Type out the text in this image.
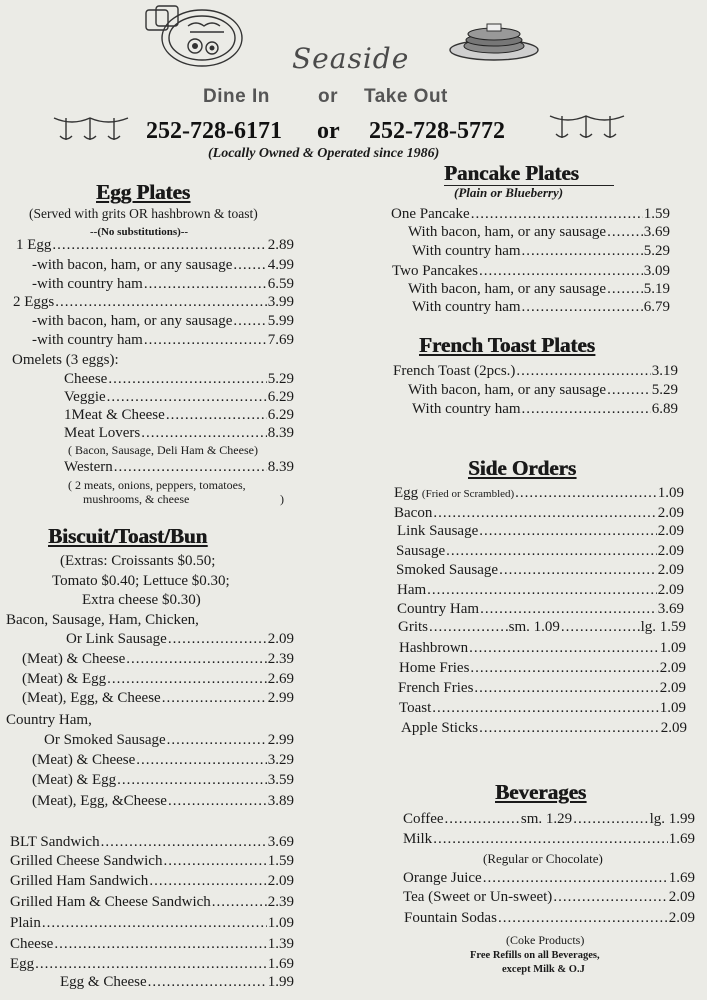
Seaside
Dine In	or Take Out
252-728-6171 or 252-728-5772
(Locally Owned & Operated since 1986)
Egg Plates
(Served with grits OR hashbrown & toast)
--(No substitutions)--
1 Egg .....	2.89
-with bacon, ham, or any sausage ..... 4.99
-with country ham .....	6.59
2 Eggs .....	3.99
-with bacon, ham, or any sausage ..... 5.99
-with country ham .....	7.69
Omelets (3 eggs):
Cheese .....	5.29
Veggie .....	6.29
1Meat & Cheese .....	6.29
Meat Lovers .....	8.39
( Bacon, Sausage, Deli Ham & Cheese)
Western .....	8.39
( 2 meats, onions, peppers, tomatoes,
mushrooms, & cheese	)
Biscuit/Toast/Bun
(Extras: Croissants $0.50;
Tomato $0.40; Lettuce $0.30;
Extra cheese $0.30)
Bacon, Sausage, Ham, Chicken,
Or Link Sausage .....	2.09
(Meat) & Cheese .....	2.39
(Meat) & Egg .....	2.69
(Meat), Egg, & Cheese .....	2.99
Country Ham,
Or Smoked Sausage .....	2.99
(Meat) & Cheese .....	3.29
(Meat) & Egg .....	3.59
(Meat), Egg, &Cheese .....	3.89
BLT Sandwich .....	3.69
Grilled Cheese Sandwich .....	1.59
Grilled Ham Sandwich .....	2.09
Grilled Ham & Cheese Sandwich .....	2.39
Plain .....	1.09
Cheese .....	1.39
Egg .....	1.69
Egg & Cheese .....	1.99
Pancake Plates
(Plain or Blueberry)
One Pancake .....	1.59
With bacon, ham, or any sausage .....	3.69
With country ham .....	5.29
Two Pancakes .....	3.09
With bacon, ham, or any sausage .....	5.19
With country ham .....	6.79
French Toast Plates
French Toast (2pcs.) .....	3.19
With bacon, ham, or any sausage .....	5.29
With country ham .....	6.89
Side Orders
Egg (Fried or Scrambled) .....	1.09
Bacon .....	2.09
Link Sausage .....	2.09
Sausage .....	2.09
Smoked Sausage .....	2.09
Ham .....	2.09
Country Ham .....	3.69
Grits .....	sm. 1.09 .....	lg. 1.59
Hashbrown .....	1.09
Home Fries .....	2.09
French Fries .....	2.09
Toast .....	1.09
Apple Sticks .....	2.09
Beverages
Coffee .....	sm. 1.29 .....	lg. 1.99
Milk .....	1.69
(Regular or Chocolate)
Orange Juice .....	1.69
Tea (Sweet or Un-sweet) .....	2.09
Fountain Sodas .....	2.09
(Coke Products)
Free Refills on all Beverages,
except Milk & O.J
